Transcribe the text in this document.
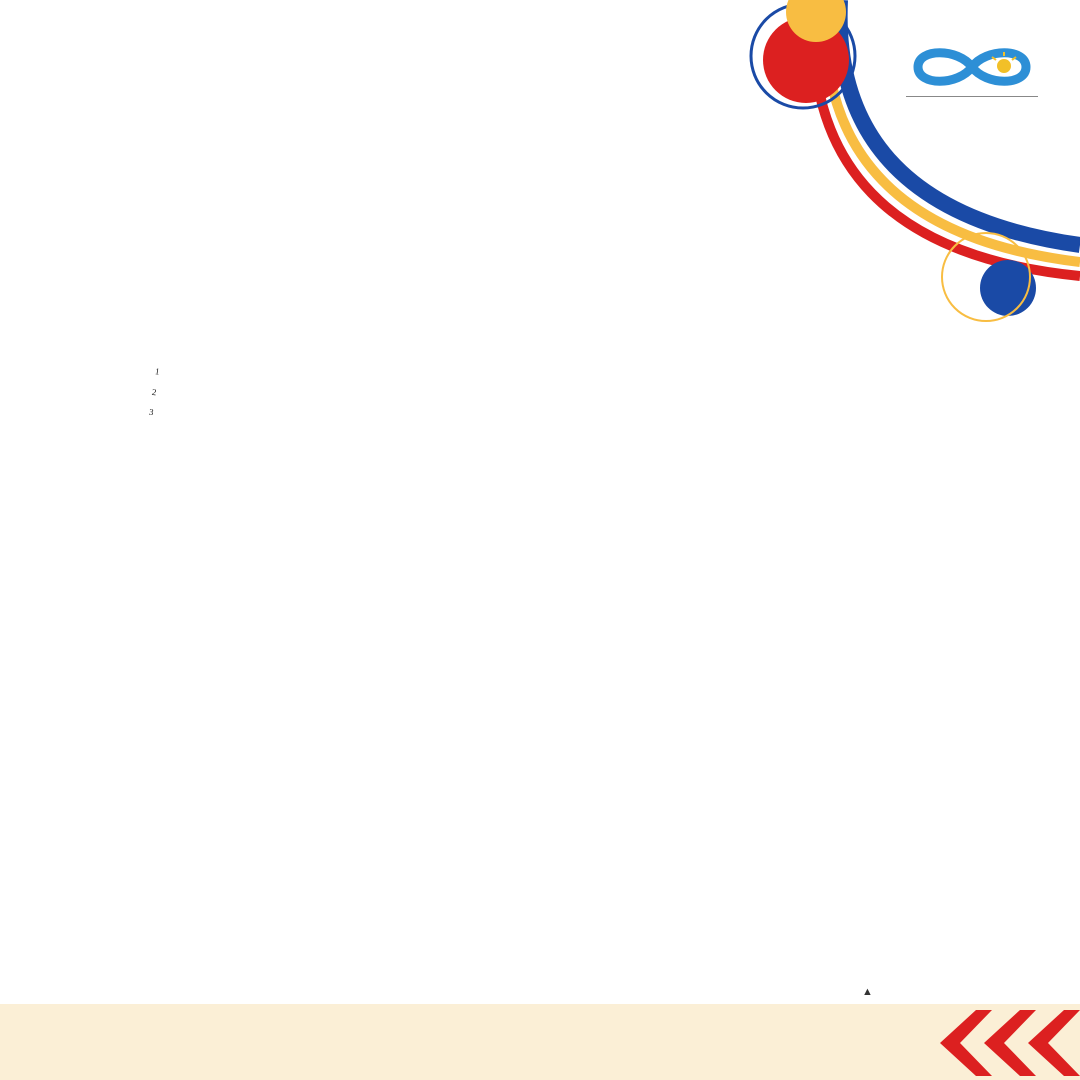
$^1$
$^2$
$^3$

▲
